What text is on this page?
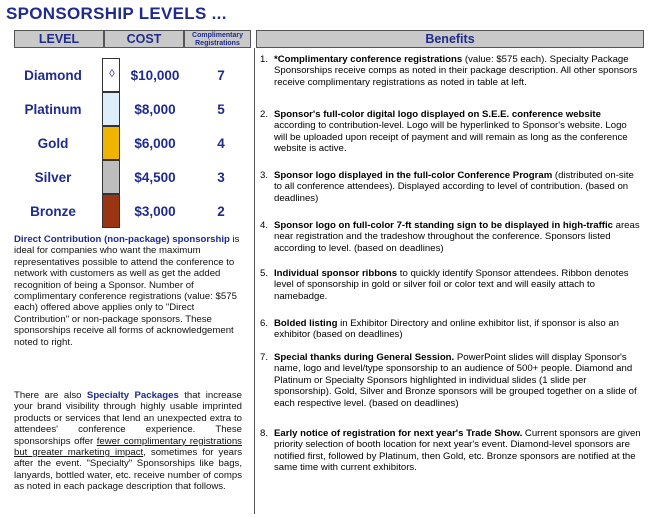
SPONSORSHIP LEVELS ...
LEVEL	COST	Complimentary Registrations	Benefits
Diamond	◊	$10,000	7
Platinum	$8,000	5
Gold	$6,000	4
Silver	$4,500	3
Bronze	$3,000	2

Direct Contribution (non-package) sponsorship is ideal for companies who want the maximum representatives possible to attend the conference to network with customers as well as get the added recognition of being a Sponsor. Number of complimentary conference registrations (value: $575 each) offered above applies only to "Direct Contribution" or non-package sponsors. These sponsorships receive all forms of acknowledgement noted to right.

There are also Specialty Packages that increase your brand visibility through highly usable imprinted products or services that lend an unexpected extra to attendees' conference experience. These sponsorships offer fewer complimentary registrations but greater marketing impact, sometimes for years after the event. "Specialty" Sponsorships like bags, lanyards, bottled water, etc. receive number of comps as noted in each package description that follows.

1. *Complimentary conference registrations (value: $575 each). Specialty Package Sponsorships receive comps as noted in their package description. All other sponsors receive complimentary registrations as noted in table at left.
2. Sponsor's full-color digital logo displayed on S.E.E. conference website according to contribution-level. Logo will be hyperlinked to Sponsor's website. Logo will be uploaded upon receipt of payment and will remain as long as the conference website is active.
3. Sponsor logo displayed in the full-color Conference Program (distributed on-site to all conference attendees). Displayed according to level of contribution. (based on deadlines)
4. Sponsor logo on full-color 7-ft standing sign to be displayed in high-traffic areas near registration and the tradeshow throughout the conference. Sponsors listed according to level. (based on deadlines)
5. Individual sponsor ribbons to quickly identify Sponsor attendees. Ribbon denotes level of sponsorship in gold or silver foil or color text and will easily attach to namebadge.
6. Bolded listing in Exhibitor Directory and online exhibitor list, if sponsor is also an exhibitor (based on deadlines)
7. Special thanks during General Session. PowerPoint slides will display Sponsor's name, logo and level/type sponsorship to an audience of 500+ people. Diamond and Platinum or Specialty Sponsors highlighted in individual slides (1 slide per sponsorship). Gold, Silver and Bronze sponsors will be grouped together on a slide of each respective level. (based on deadlines)
8. Early notice of registration for next year's Trade Show. Current sponsors are given priority selection of booth location for next year's event. Diamond-level sponsors are notified first, followed by Platinum, then Gold, etc. Bronze sponsors are notified at the same time with current exhibitors.
